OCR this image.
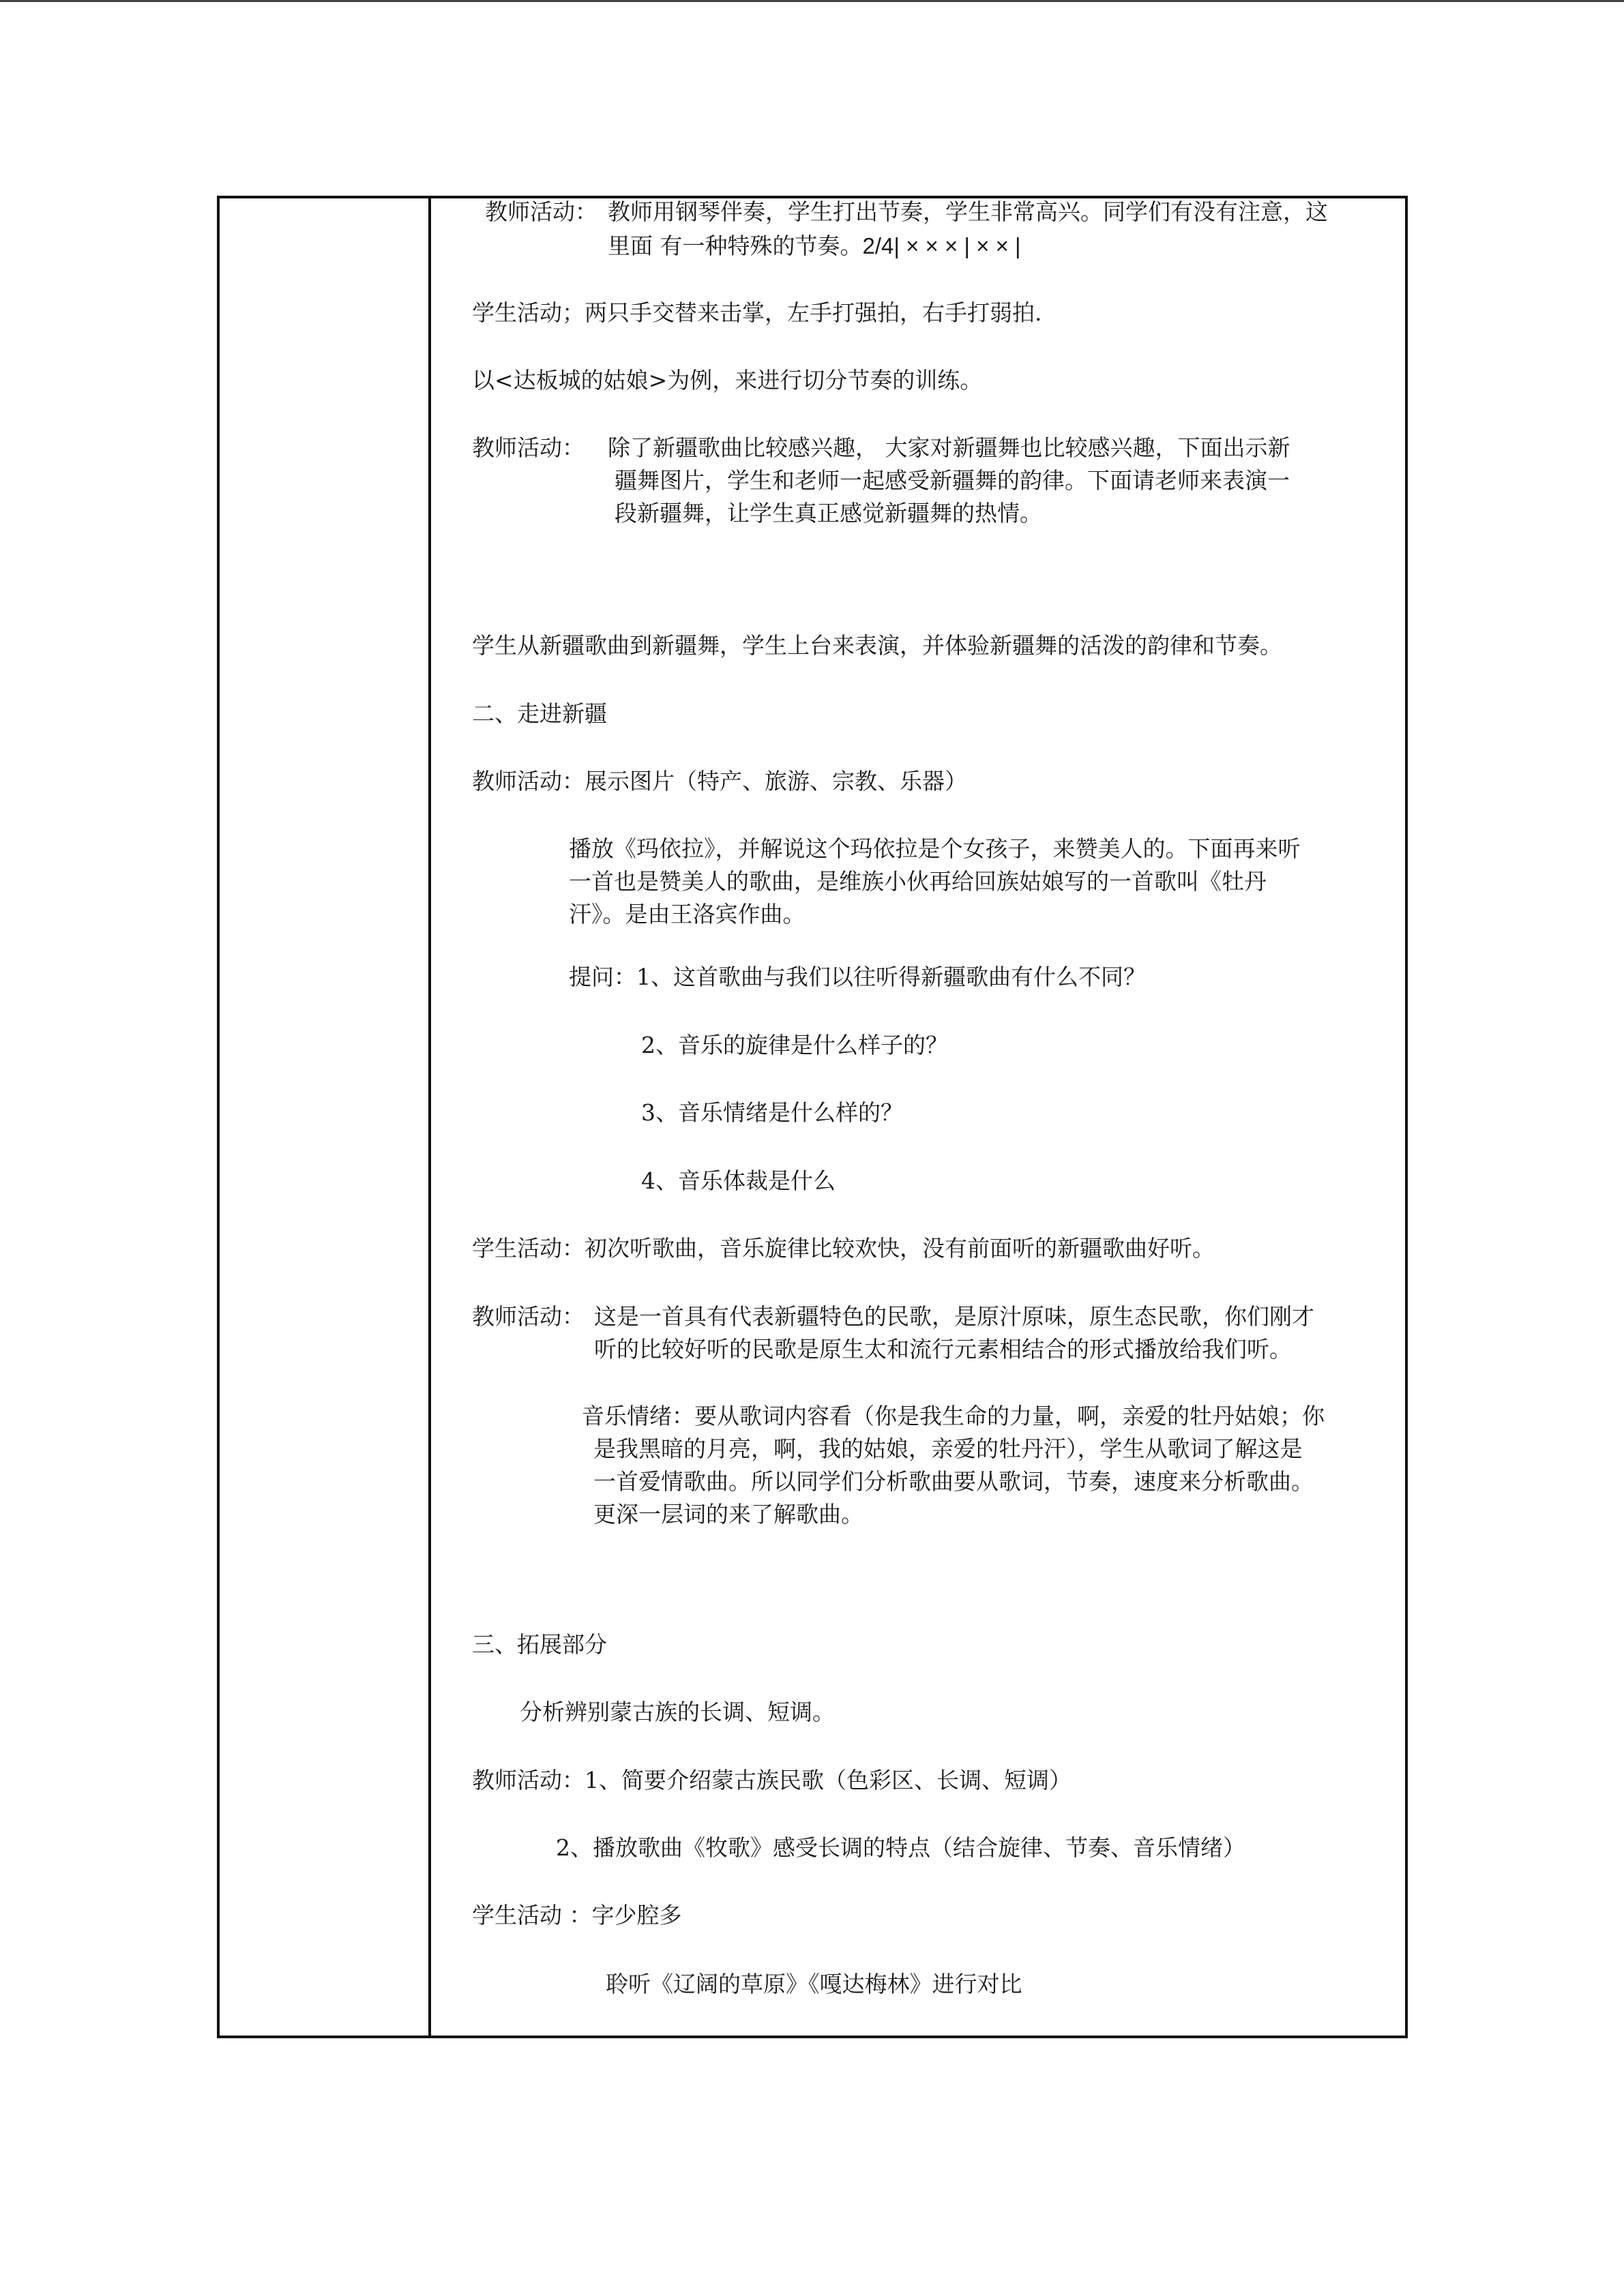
教师活动： 教师用钢琴伴奏，学生打出节奏，学生非常高兴。同学们有没有注意，这
里面 有一种特殊的节奏。2/4| × × × | × × |
学生活动；两只手交替来击掌，左手打强拍，右手打弱拍.
以<达板城的姑娘>为例，来进行切分节奏的训练。
教师活动： 除了新疆歌曲比较感兴趣， 大家对新疆舞也比较感兴趣，下面出示新
疆舞图片，学生和老师一起感受新疆舞的韵律。下面请老师来表演一
段新疆舞，让学生真正感觉新疆舞的热情。
学生从新疆歌曲到新疆舞，学生上台来表演，并体验新疆舞的活泼的韵律和节奏。
二、走进新疆
教师活动：展示图片（特产、旅游、宗教、乐器）
播放《玛依拉》，并解说这个玛依拉是个女孩子，来赞美人的。下面再来听
一首也是赞美人的歌曲，是维族小伙再给回族姑娘写的一首歌叫《牡丹
汗》。是由王洛宾作曲。
提问：1、这首歌曲与我们以往听得新疆歌曲有什么不同？
2、音乐的旋律是什么样子的？
3、音乐情绪是什么样的？
4、音乐体裁是什么
学生活动：初次听歌曲，音乐旋律比较欢快，没有前面听的新疆歌曲好听。
教师活动： 这是一首具有代表新疆特色的民歌，是原汁原味，原生态民歌，你们刚才
听的比较好听的民歌是原生太和流行元素相结合的形式播放给我们听。
音乐情绪：要从歌词内容看（你是我生命的力量，啊，亲爱的牡丹姑娘；你
是我黑暗的月亮，啊，我的姑娘，亲爱的牡丹汗），学生从歌词了解这是
一首爱情歌曲。所以同学们分析歌曲要从歌词，节奏，速度来分析歌曲。
更深一层词的来了解歌曲。
三、拓展部分
分析辨别蒙古族的长调、短调。
教师活动：1、简要介绍蒙古族民歌（色彩区、长调、短调）
2、播放歌曲《牧歌》感受长调的特点（结合旋律、节奏、音乐情绪）
学生活动 ：字少腔多
聆听《辽阔的草原》《嘎达梅林》进行对比
